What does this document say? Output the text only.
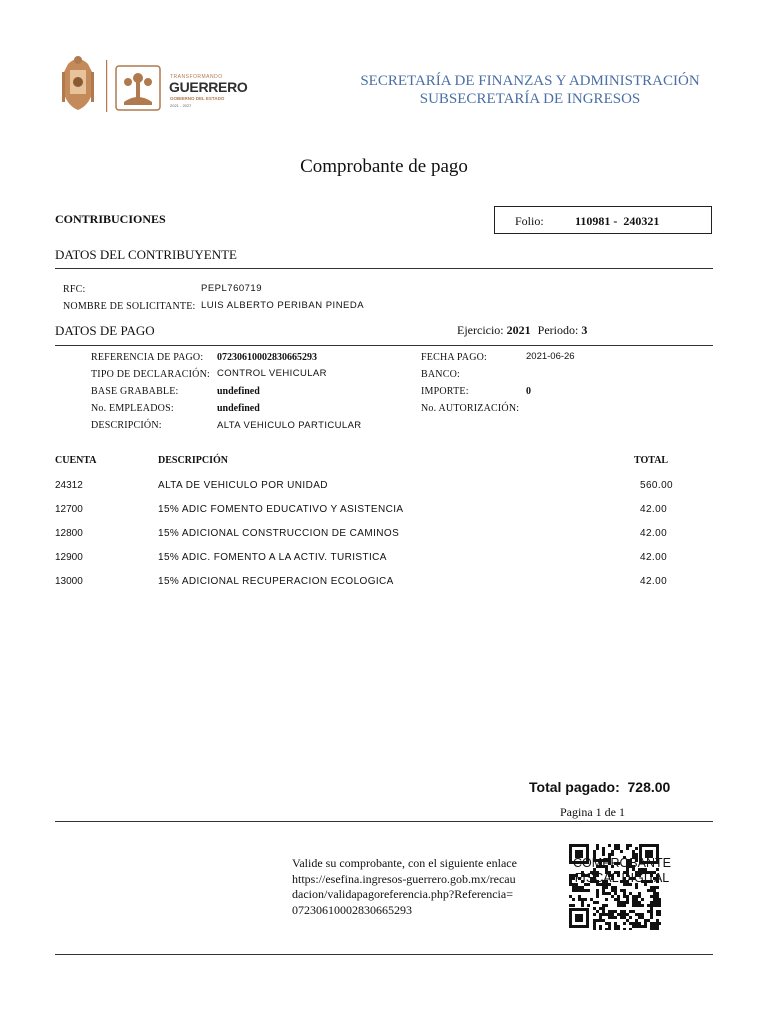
TRANSFORMANDO
GUERRERO
GOBIERNO DEL ESTADO
2021 - 2027
SECRETARÍA DE FINANZAS Y ADMINISTRACIÓN
SUBSECRETARÍA DE INGRESOS
Comprobante de pago
CONTRIBUCIONES	Folio:	110981 -  240321
DATOS DEL CONTRIBUYENTE
RFC:	PEPL760719
NOMBRE DE SOLICITANTE: LUIS ALBERTO PERIBAN PINEDA
DATOS DE PAGO	Ejercicio: 2021 Periodo: 3
REFERENCIA DE PAGO: 07230610002830665293
TIPO DE DECLARACIÓN: CONTROL VEHICULAR
BASE GRABABLE:	undefined
No. EMPLEADOS:	undefined
DESCRIPCIÓN:	ALTA VEHICULO PARTICULAR
FECHA PAGO:	2021-06-26
BANCO:
IMPORTE:	0
No. AUTORIZACIÓN:
CUENTA	DESCRIPCIÓN	TOTAL
24312	ALTA DE VEHICULO POR UNIDAD	560.00
12700	15% ADIC FOMENTO EDUCATIVO Y ASISTENCIA	42.00
12800	15% ADICIONAL CONSTRUCCION DE CAMINOS	42.00
12900	15% ADIC. FOMENTO A LA ACTIV. TURISTICA	42.00
13000	15% ADICIONAL RECUPERACION ECOLOGICA	42.00
Total pagado:  728.00
Pagina 1 de 1
Valide su comprobante, con el siguiente enlace
https://esefina.ingresos-guerrero.gob.mx/recau
dacion/validapagoreferencia.php?Referencia=
07230610002830665293
COMPROBANTE
FISCAL DIGITAL
